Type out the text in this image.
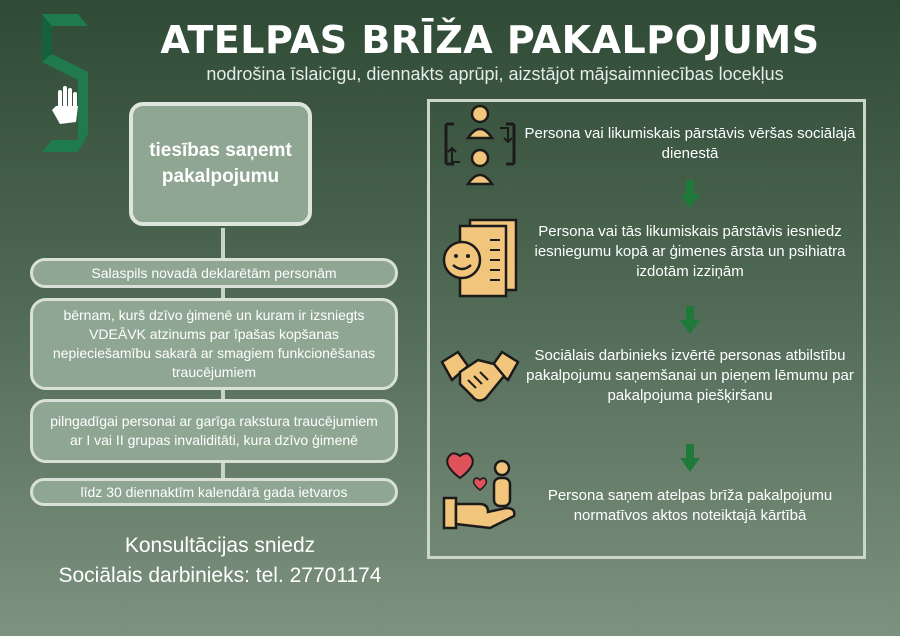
ATELPAS BRĪŽA PAKALPOJUMS
nodrošina īslaicīgu, diennakts aprūpi, aizstājot mājsaimniecības locekļus
tiesības saņemt pakalpojumu
Salaspils novadā deklarētām personām
bērnam, kurš dzīvo ģimenē un kuram ir izsniegts VDEĀVK atzinums par īpašas kopšanas nepieciešamību sakarā ar smagiem funkcionēšanas traucējumiem
pilngadīgai personai ar garīga rakstura traucējumiem ar I vai II grupas invaliditāti, kura dzīvo ģimenē
līdz 30 diennaktīm kalendārā gada ietvaros
Konsultācijas sniedz
Sociālais darbinieks: tel. 27701174
Persona vai likumiskais pārstāvis vēršas sociālajā dienestā
Persona vai tās likumiskais pārstāvis iesniedz iesniegumu kopā ar ģimenes ārsta un psihiatra izdotām izziņām
Sociālais darbinieks izvērtē personas atbilstību pakalpojumu saņemšanai un pieņem lēmumu par pakalpojuma piešķiršanu
Persona saņem atelpas brīža pakalpojumu normatīvos aktos noteiktajā kārtībā
